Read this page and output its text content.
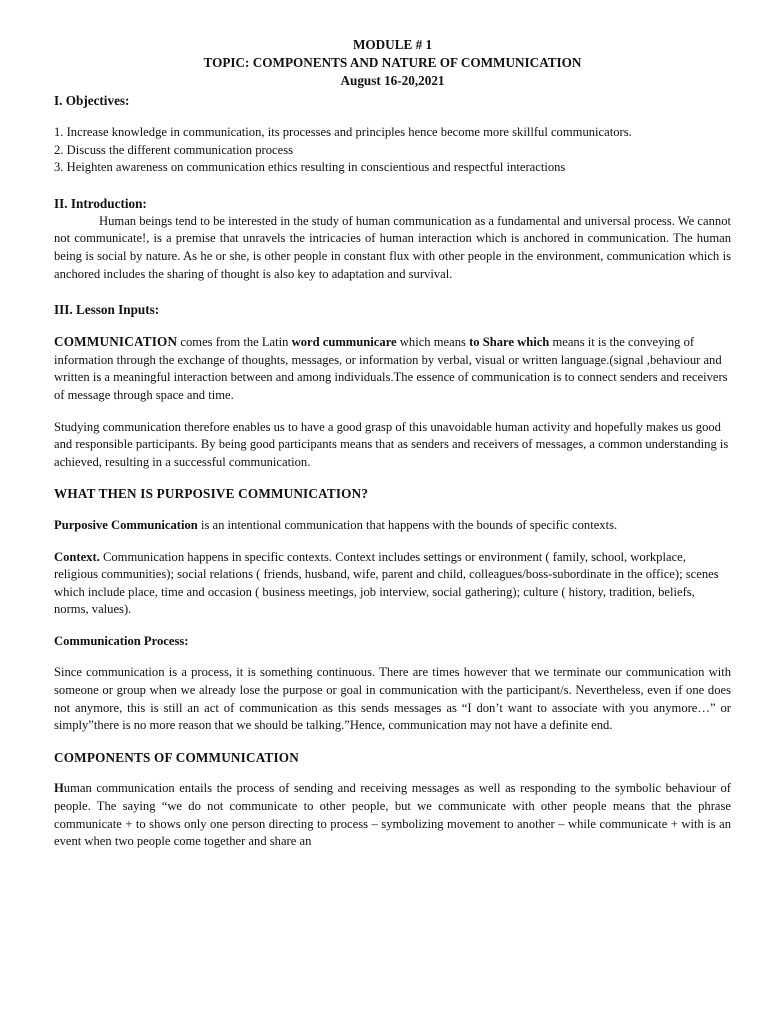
MODULE # 1
TOPIC: COMPONENTS AND NATURE OF COMMUNICATION
August 16-20,2021
I. Objectives:
1. Increase knowledge in communication, its processes and principles hence become more skillful communicators.
2. Discuss the different communication process
3. Heighten awareness on communication ethics resulting in conscientious and respectful interactions
II. Introduction:

Human beings tend to be interested in the study of human communication as a fundamental and universal process. We cannot not communicate!, is a premise that unravels the intricacies of human interaction which is anchored in communication. The human being is social by nature. As he or she, is other people in constant flux with other people in the environment, communication which is anchored includes the sharing of thought is also key to adaptation and survival.

III. Lesson Inputs:

COMMUNICATION comes from the Latin word cummunicare which means to Share which means it is the conveying of information through the exchange of thoughts, messages, or information by verbal, visual or written language.(signal ,behaviour and written is a meaningful interaction between and among individuals.The essence of communication is to connect senders and receivers of message through space and time.

Studying communication therefore enables us to have a good grasp of this unavoidable human activity and hopefully makes us good and responsible participants. By being good participants means that as senders and receivers of messages, a common understanding is achieved, resulting in a successful communication.

WHAT THEN IS PURPOSIVE COMMUNICATION?

Purposive Communication is an intentional communication that happens with the bounds of specific contexts.

Context. Communication happens in specific contexts. Context includes settings or environment ( family, school, workplace, religious communities); social relations ( friends, husband, wife, parent and child, colleagues/boss-subordinate in the office); scenes which include place, time and occasion ( business meetings, job interview, social gathering); culture ( history, tradition, beliefs, norms, values).

Communication Process:

Since communication is a process, it is something continuous. There are times however that we terminate our communication with someone or group when we already lose the purpose or goal in communication with the participant/s. Nevertheless, even if one does not anymore, this is still an act of communication as this sends messages as “I don’t want to associate with you anymore…” or simply”there is no more reason that we should be talking.”Hence, communication may not have a definite end.

COMPONENTS OF COMMUNICATION

Human communication entails the process of sending and receiving messages as well as responding to the symbolic behaviour of people. The saying “we do not communicate to other people, but we communicate with other people means that the phrase communicate + to shows only one person directing to process – symbolizing movement to another – while communicate + with is an event when two people come together and share an
